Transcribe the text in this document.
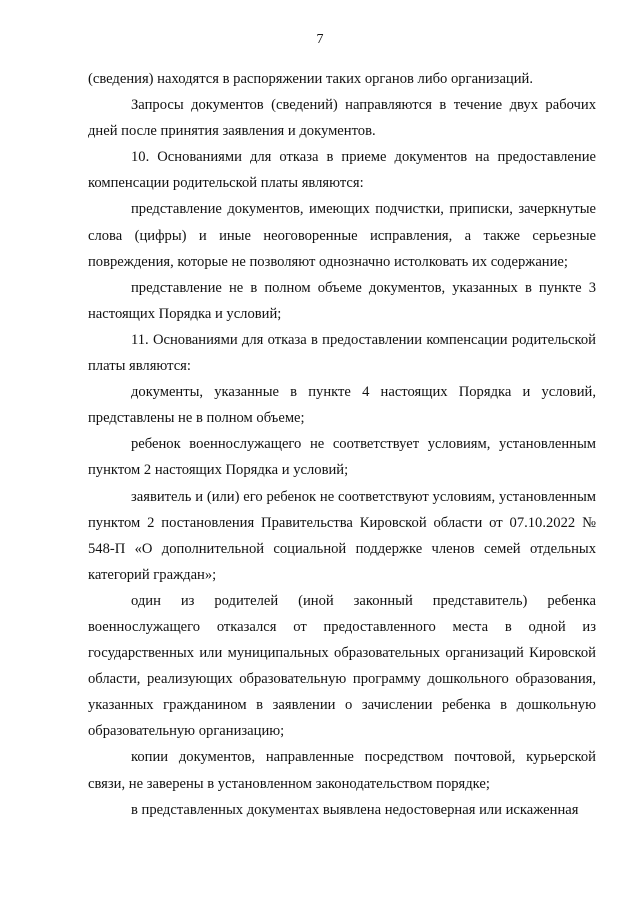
7

(сведения) находятся в распоряжении таких органов либо организаций.

Запросы документов (сведений) направляются в течение двух рабочих дней после принятия заявления и документов.

10. Основаниями для отказа в приеме документов на предоставление компенсации родительской платы являются:

представление документов, имеющих подчистки, приписки, зачеркнутые слова (цифры) и иные неоговоренные исправления, а также серьезные повреждения, которые не позволяют однозначно истолковать их содержание;

представление не в полном объеме документов, указанных в пункте 3 настоящих Порядка и условий;

11. Основаниями для отказа в предоставлении компенсации родительской платы являются:

документы, указанные в пункте 4 настоящих Порядка и условий, представлены не в полном объеме;

ребенок военнослужащего не соответствует условиям, установленным пунктом 2 настоящих Порядка и условий;

заявитель и (или) его ребенок не соответствуют условиям, установленным пунктом 2 постановления Правительства Кировской области от 07.10.2022 № 548-П «О дополнительной социальной поддержке членов семей отдельных категорий граждан»;

один из родителей (иной законный представитель) ребенка военнослужащего отказался от предоставленного места в одной из государственных или муниципальных образовательных организаций Кировской области, реализующих образовательную программу дошкольного образования, указанных гражданином в заявлении о зачислении ребенка в дошкольную образовательную организацию;

копии документов, направленные посредством почтовой, курьерской связи, не заверены в установленном законодательством порядке;

в представленных документах выявлена недостоверная или искаженная
